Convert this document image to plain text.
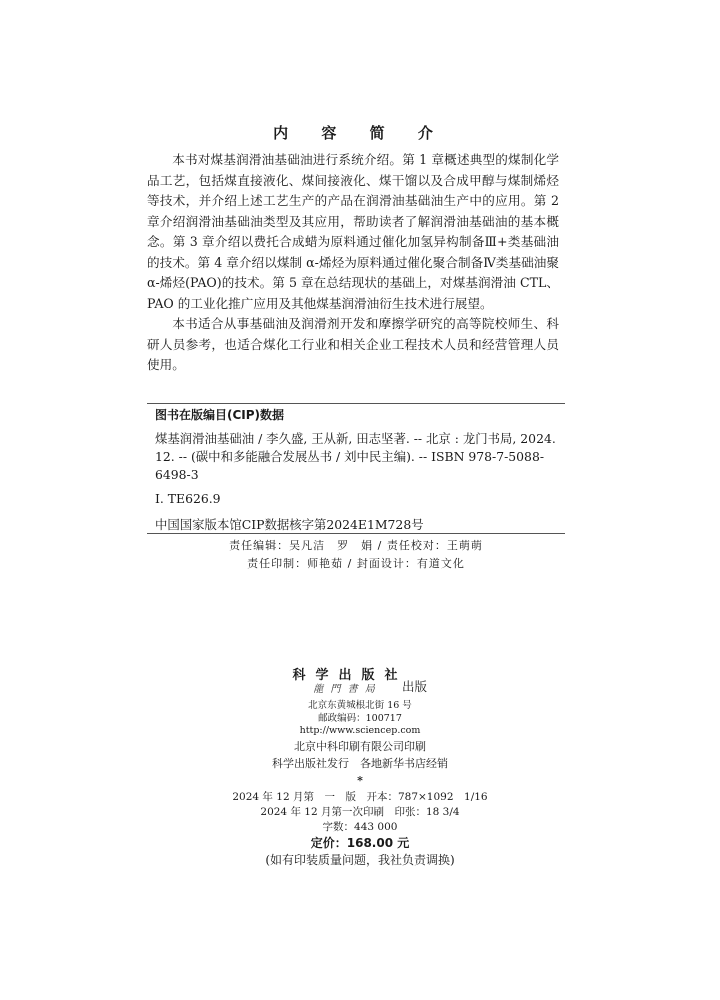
内 容 简 介

本书对煤基润滑油基础油进行系统介绍。第 1 章概述典型的煤制化学品工艺，包括煤直接液化、煤间接液化、煤干馏以及合成甲醇与煤制烯烃等技术，并介绍上述工艺生产的产品在润滑油基础油生产中的应用。第 2 章介绍润滑油基础油类型及其应用，帮助读者了解润滑油基础油的基本概念。第 3 章介绍以费托合成蜡为原料通过催化加氢异构制备Ⅲ+类基础油的技术。第 4 章介绍以煤制 α-烯烃为原料通过催化聚合制备Ⅳ类基础油聚 α-烯烃(PAO)的技术。第 5 章在总结现状的基础上，对煤基润滑油 CTL、PAO 的工业化推广应用及其他煤基润滑油衍生技术进行展望。

本书适合从事基础油及润滑剂开发和摩擦学研究的高等院校师生、科研人员参考，也适合煤化工行业和相关企业工程技术人员和经营管理人员使用。

图书在版编目(CIP)数据
煤基润滑油基础油 / 李久盛, 王从新, 田志坚著. -- 北京 : 龙门书局, 2024. 12. -- (碳中和多能融合发展丛书 / 刘中民主编). -- ISBN 978-7-5088-6498-3
Ⅰ. TE626.9
中国国家版本馆CIP数据核字第2024E1M728号
责任编辑：吴凡洁　罗　娟 / 责任校对：王萌萌
责任印制：师艳茹 / 封面设计：有道文化
科学出版社
龍 門 書 局	出版
北京东黄城根北街 16 号
邮政编码：100717
http://www.sciencep.com
北京中科印刷有限公司印刷
科学出版社发行　各地新华书店经销
*
2024 年 12 月第　一　版　开本：787×1092　1/16
2024 年 12 月第一次印刷　印张：18 3/4
字数：443 000
定价：168.00 元
(如有印装质量问题，我社负责调换)
